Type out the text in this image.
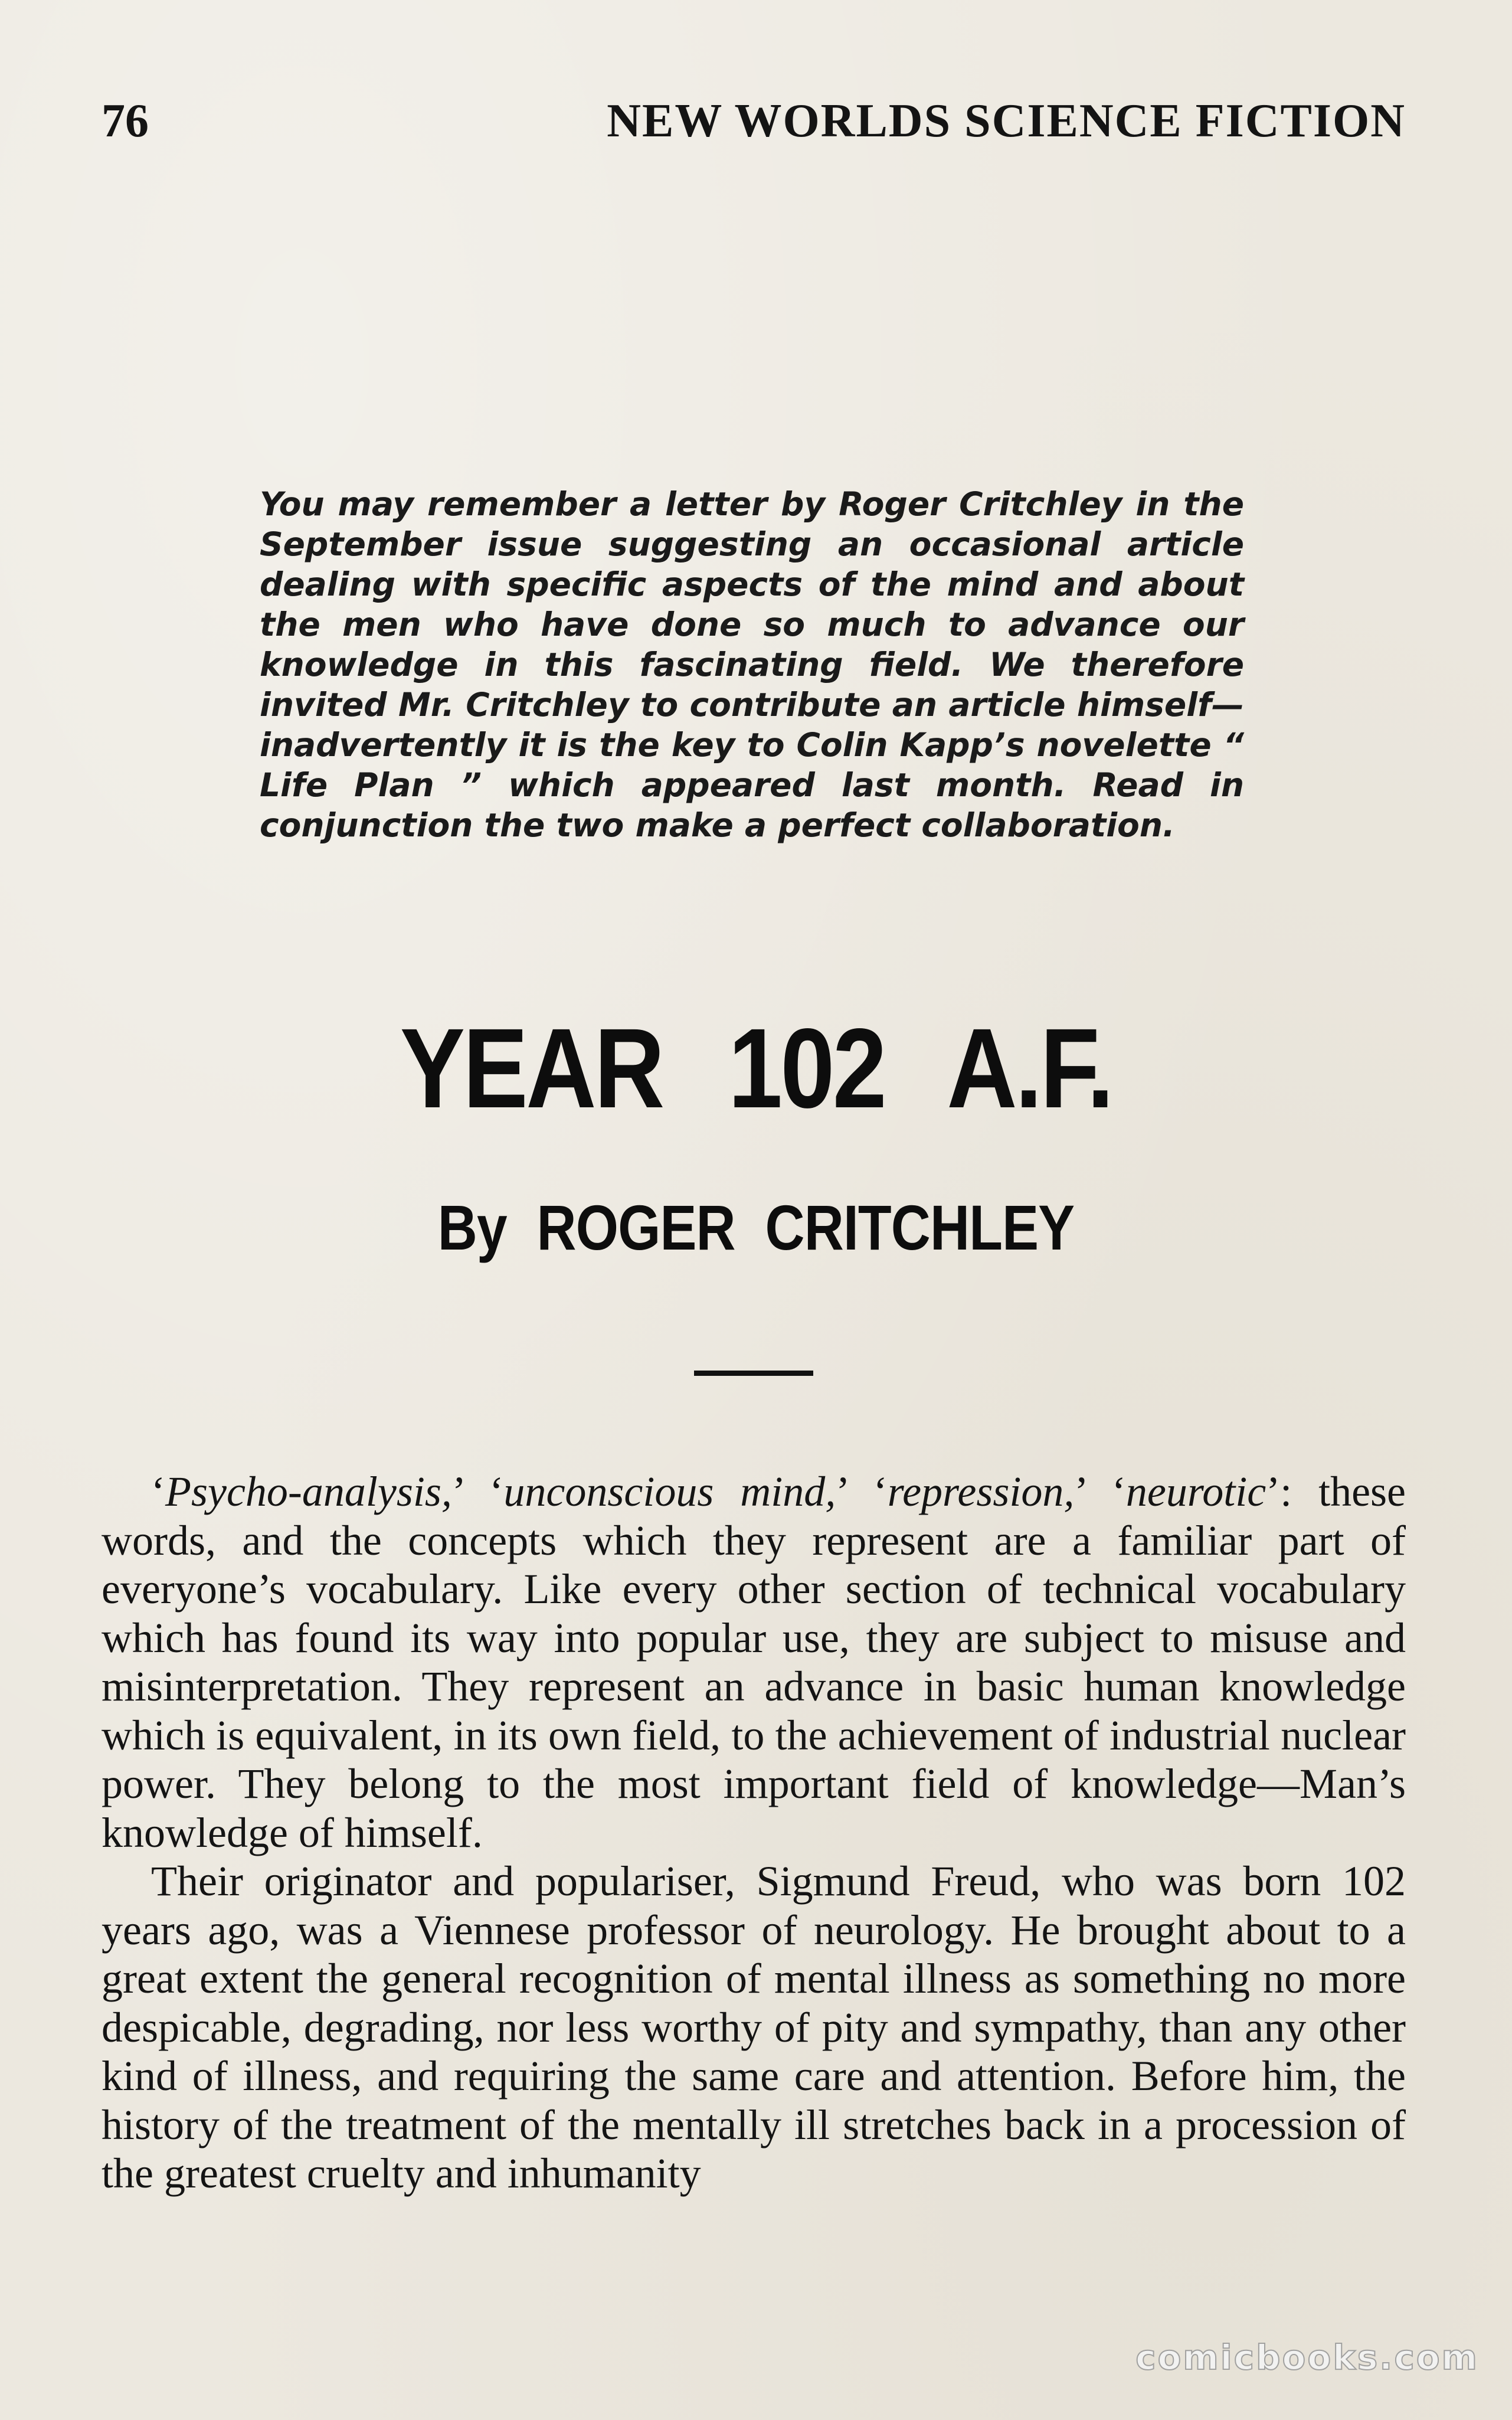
76	NEW WORLDS SCIENCE FICTION
You may remember a letter by Roger Critchley in the September issue suggesting an occasional article dealing with specific aspects of the mind and about the men who have done so much to advance our knowledge in this fascinating field. We therefore invited Mr. Critchley to contribute an article himself—inadvertently it is the key to Colin Kapp’s novelette “ Life Plan ” which appeared last month. Read in conjunction the two make a perfect collaboration.
YEAR 102 A.F.
By ROGER CRITCHLEY

‘Psycho-analysis,’ ‘unconscious mind,’ ‘repression,’ ‘neurotic’: these words, and the concepts which they represent are a familiar part of everyone’s vocabulary. Like every other section of technical vocabulary which has found its way into popular use, they are subject to misuse and misinterpretation. They represent an advance in basic human knowledge which is equivalent, in its own field, to the achievement of industrial nuclear power. They belong to the most important field of knowledge—Man’s knowledge of himself.

Their originator and populariser, Sigmund Freud, who was born 102 years ago, was a Viennese professor of neurology. He brought about to a great extent the general recognition of mental illness as something no more despicable, degrading, nor less worthy of pity and sympathy, than any other kind of illness, and requiring the same care and attention. Before him, the history of the treatment of the mentally ill stretches back in a procession of the greatest cruelty and inhumanity

comicbooks.com
